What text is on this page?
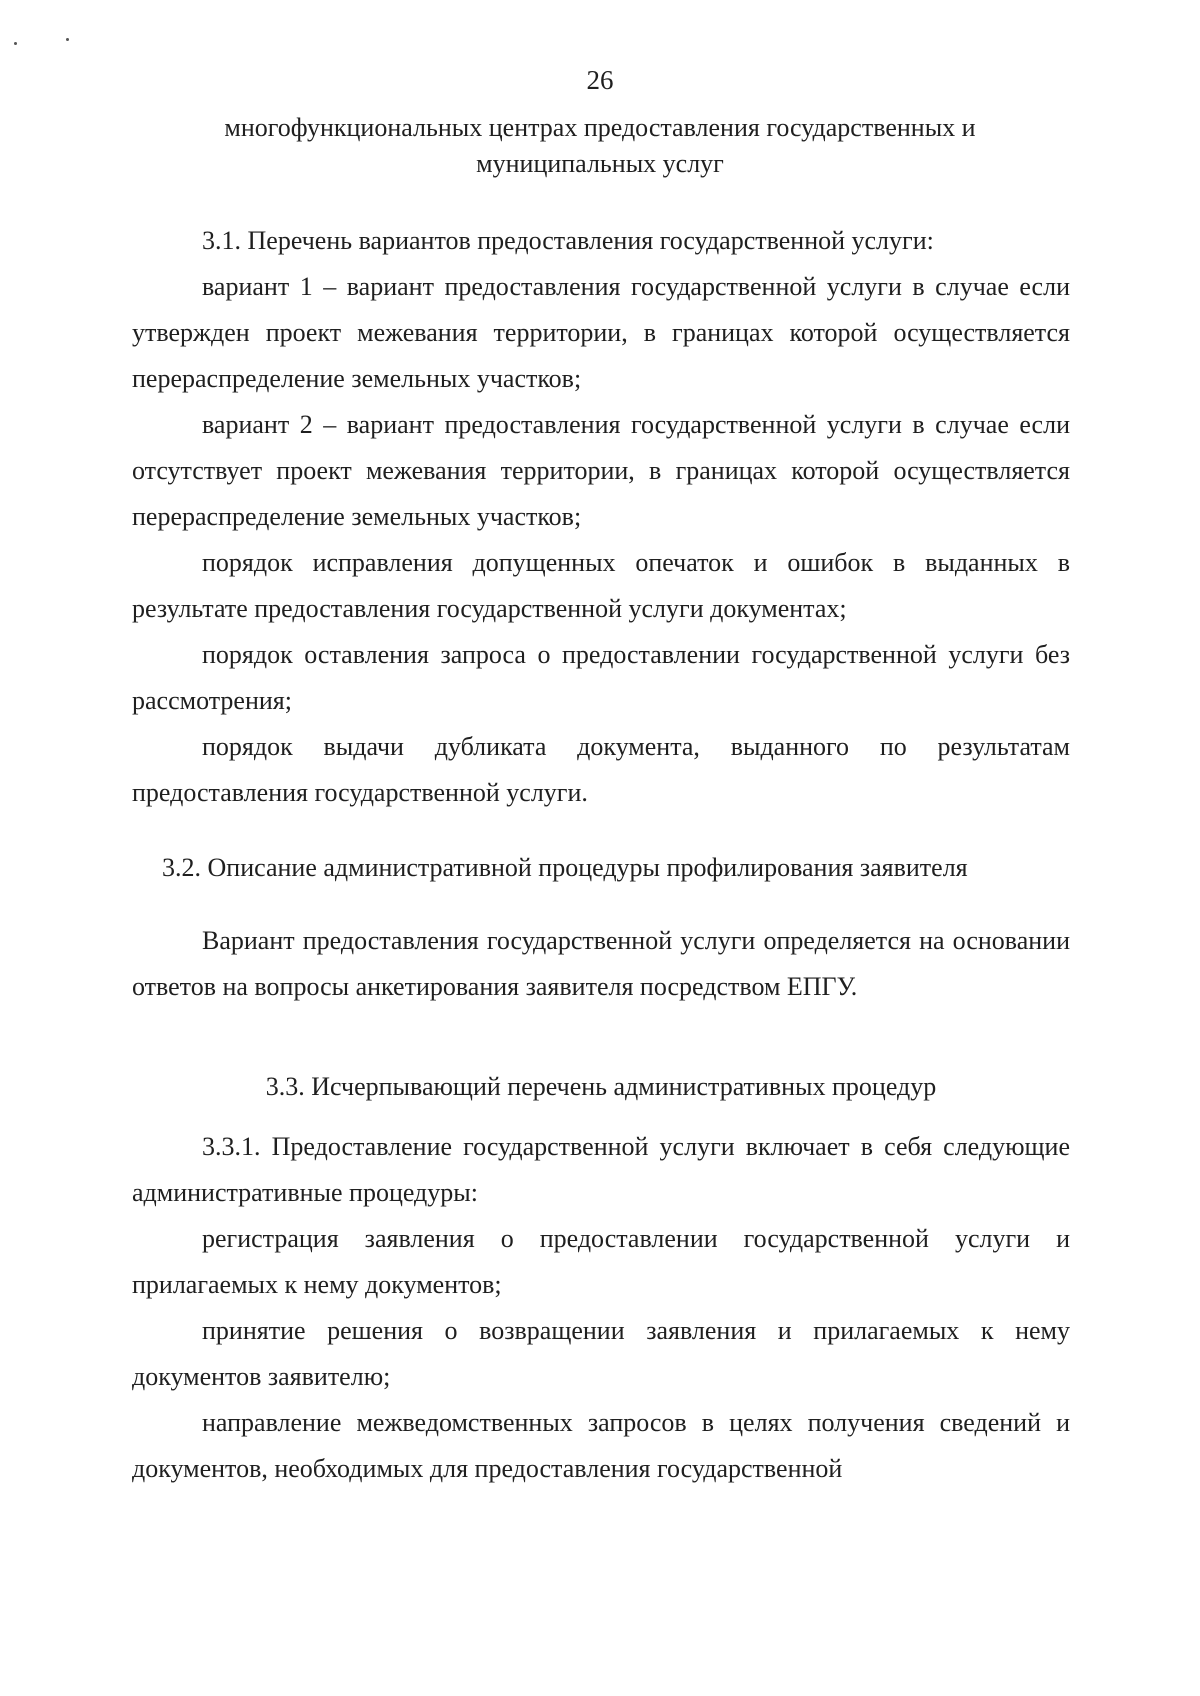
26
многофункциональных центрах предоставления государственных и
муниципальных услуг

3.1. Перечень вариантов предоставления государственной услуги:

вариант 1 – вариант предоставления государственной услуги в случае если утвержден проект межевания территории, в границах которой осуществляется перераспределение земельных участков;

вариант 2 – вариант предоставления государственной услуги в случае если отсутствует проект межевания территории, в границах которой осуществляется перераспределение земельных участков;

порядок исправления допущенных опечаток и ошибок в выданных в результате предоставления государственной услуги документах;

порядок оставления запроса о предоставлении государственной услуги без рассмотрения;

порядок выдачи дубликата документа, выданного по результатам предоставления государственной услуги.

3.2. Описание административной процедуры профилирования заявителя

Вариант предоставления государственной услуги определяется на основании ответов на вопросы анкетирования заявителя посредством ЕПГУ.

3.3. Исчерпывающий перечень административных процедур

3.3.1. Предоставление государственной услуги включает в себя следующие административные процедуры:

регистрация заявления о предоставлении государственной услуги и прилагаемых к нему документов;

принятие решения о возвращении заявления и прилагаемых к нему документов заявителю;

направление межведомственных запросов в целях получения сведений и документов, необходимых для предоставления государственной
